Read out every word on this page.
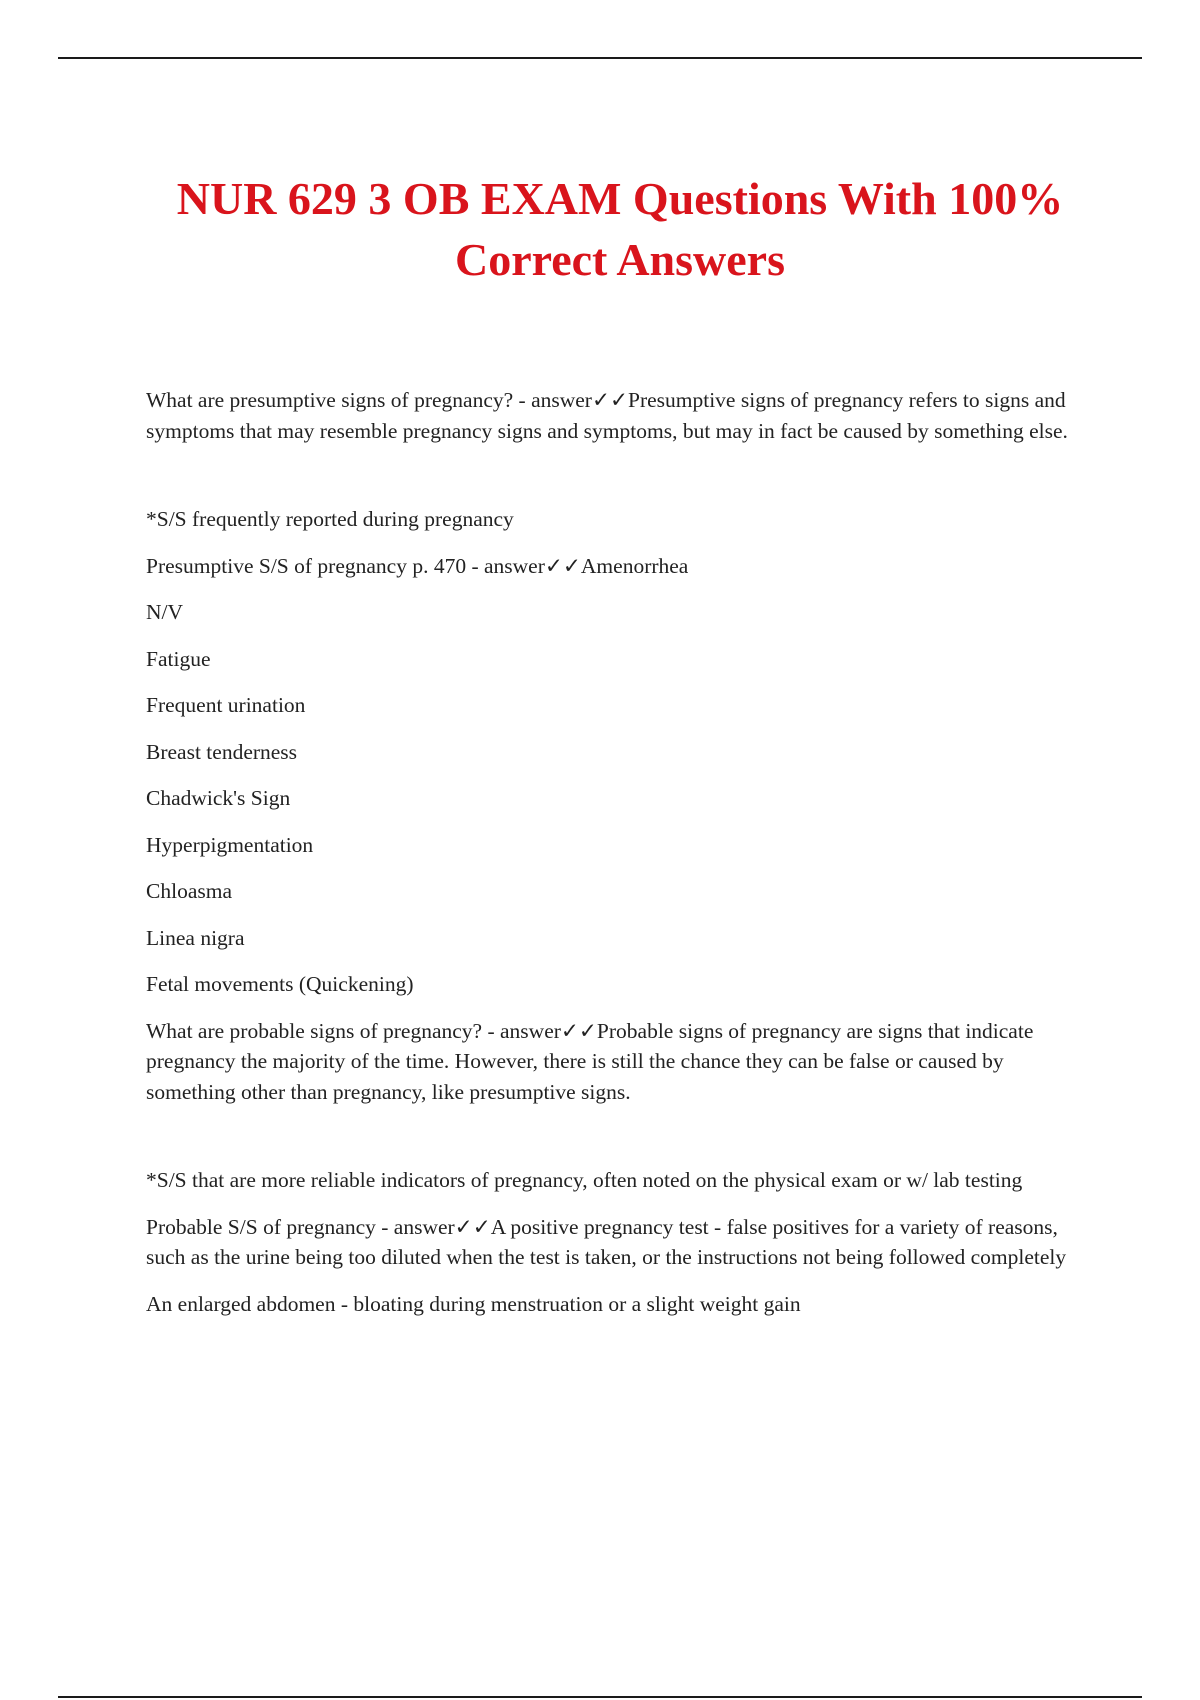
NUR 629 3 OB EXAM Questions With 100% Correct Answers

What are presumptive signs of pregnancy? - answer✓✓Presumptive signs of pregnancy refers to signs and symptoms that may resemble pregnancy signs and symptoms, but may in fact be caused by something else.

*S/S frequently reported during pregnancy

Presumptive S/S of pregnancy p. 470 - answer✓✓Amenorrhea

N/V

Fatigue

Frequent urination

Breast tenderness

Chadwick's Sign

Hyperpigmentation

Chloasma

Linea nigra

Fetal movements (Quickening)

What are probable signs of pregnancy? - answer✓✓Probable signs of pregnancy are signs that indicate pregnancy the majority of the time. However, there is still the chance they can be false or caused by something other than pregnancy, like presumptive signs.

*S/S that are more reliable indicators of pregnancy, often noted on the physical exam or w/ lab testing

Probable S/S of pregnancy - answer✓✓A positive pregnancy test - false positives for a variety of reasons, such as the urine being too diluted when the test is taken, or the instructions not being followed completely

An enlarged abdomen - bloating during menstruation or a slight weight gain
